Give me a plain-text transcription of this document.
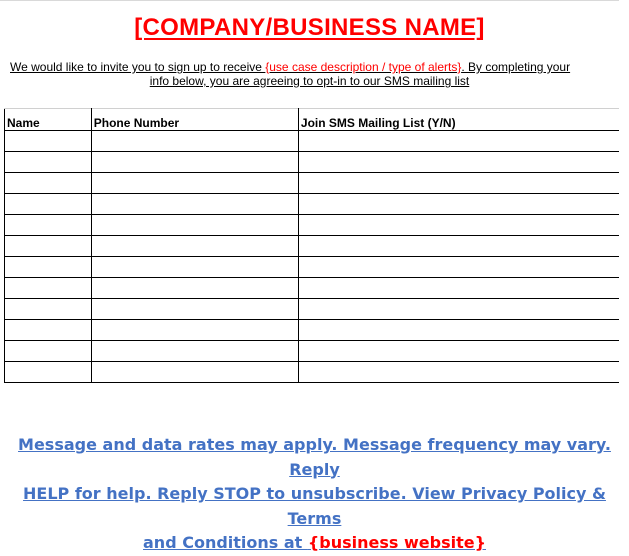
[COMPANY/BUSINESS NAME]
We would like to invite you to sign up to receive {use case description / type of alerts}. By completing your
info below, you are agreeing to opt-in to our SMS mailing list
Name	Phone Number	Join SMS Mailing List (Y/N)

Message and data rates may apply. Message frequency may vary. Reply
HELP for help. Reply STOP to unsubscribe. View Privacy Policy & Terms
and Conditions at {business website}
